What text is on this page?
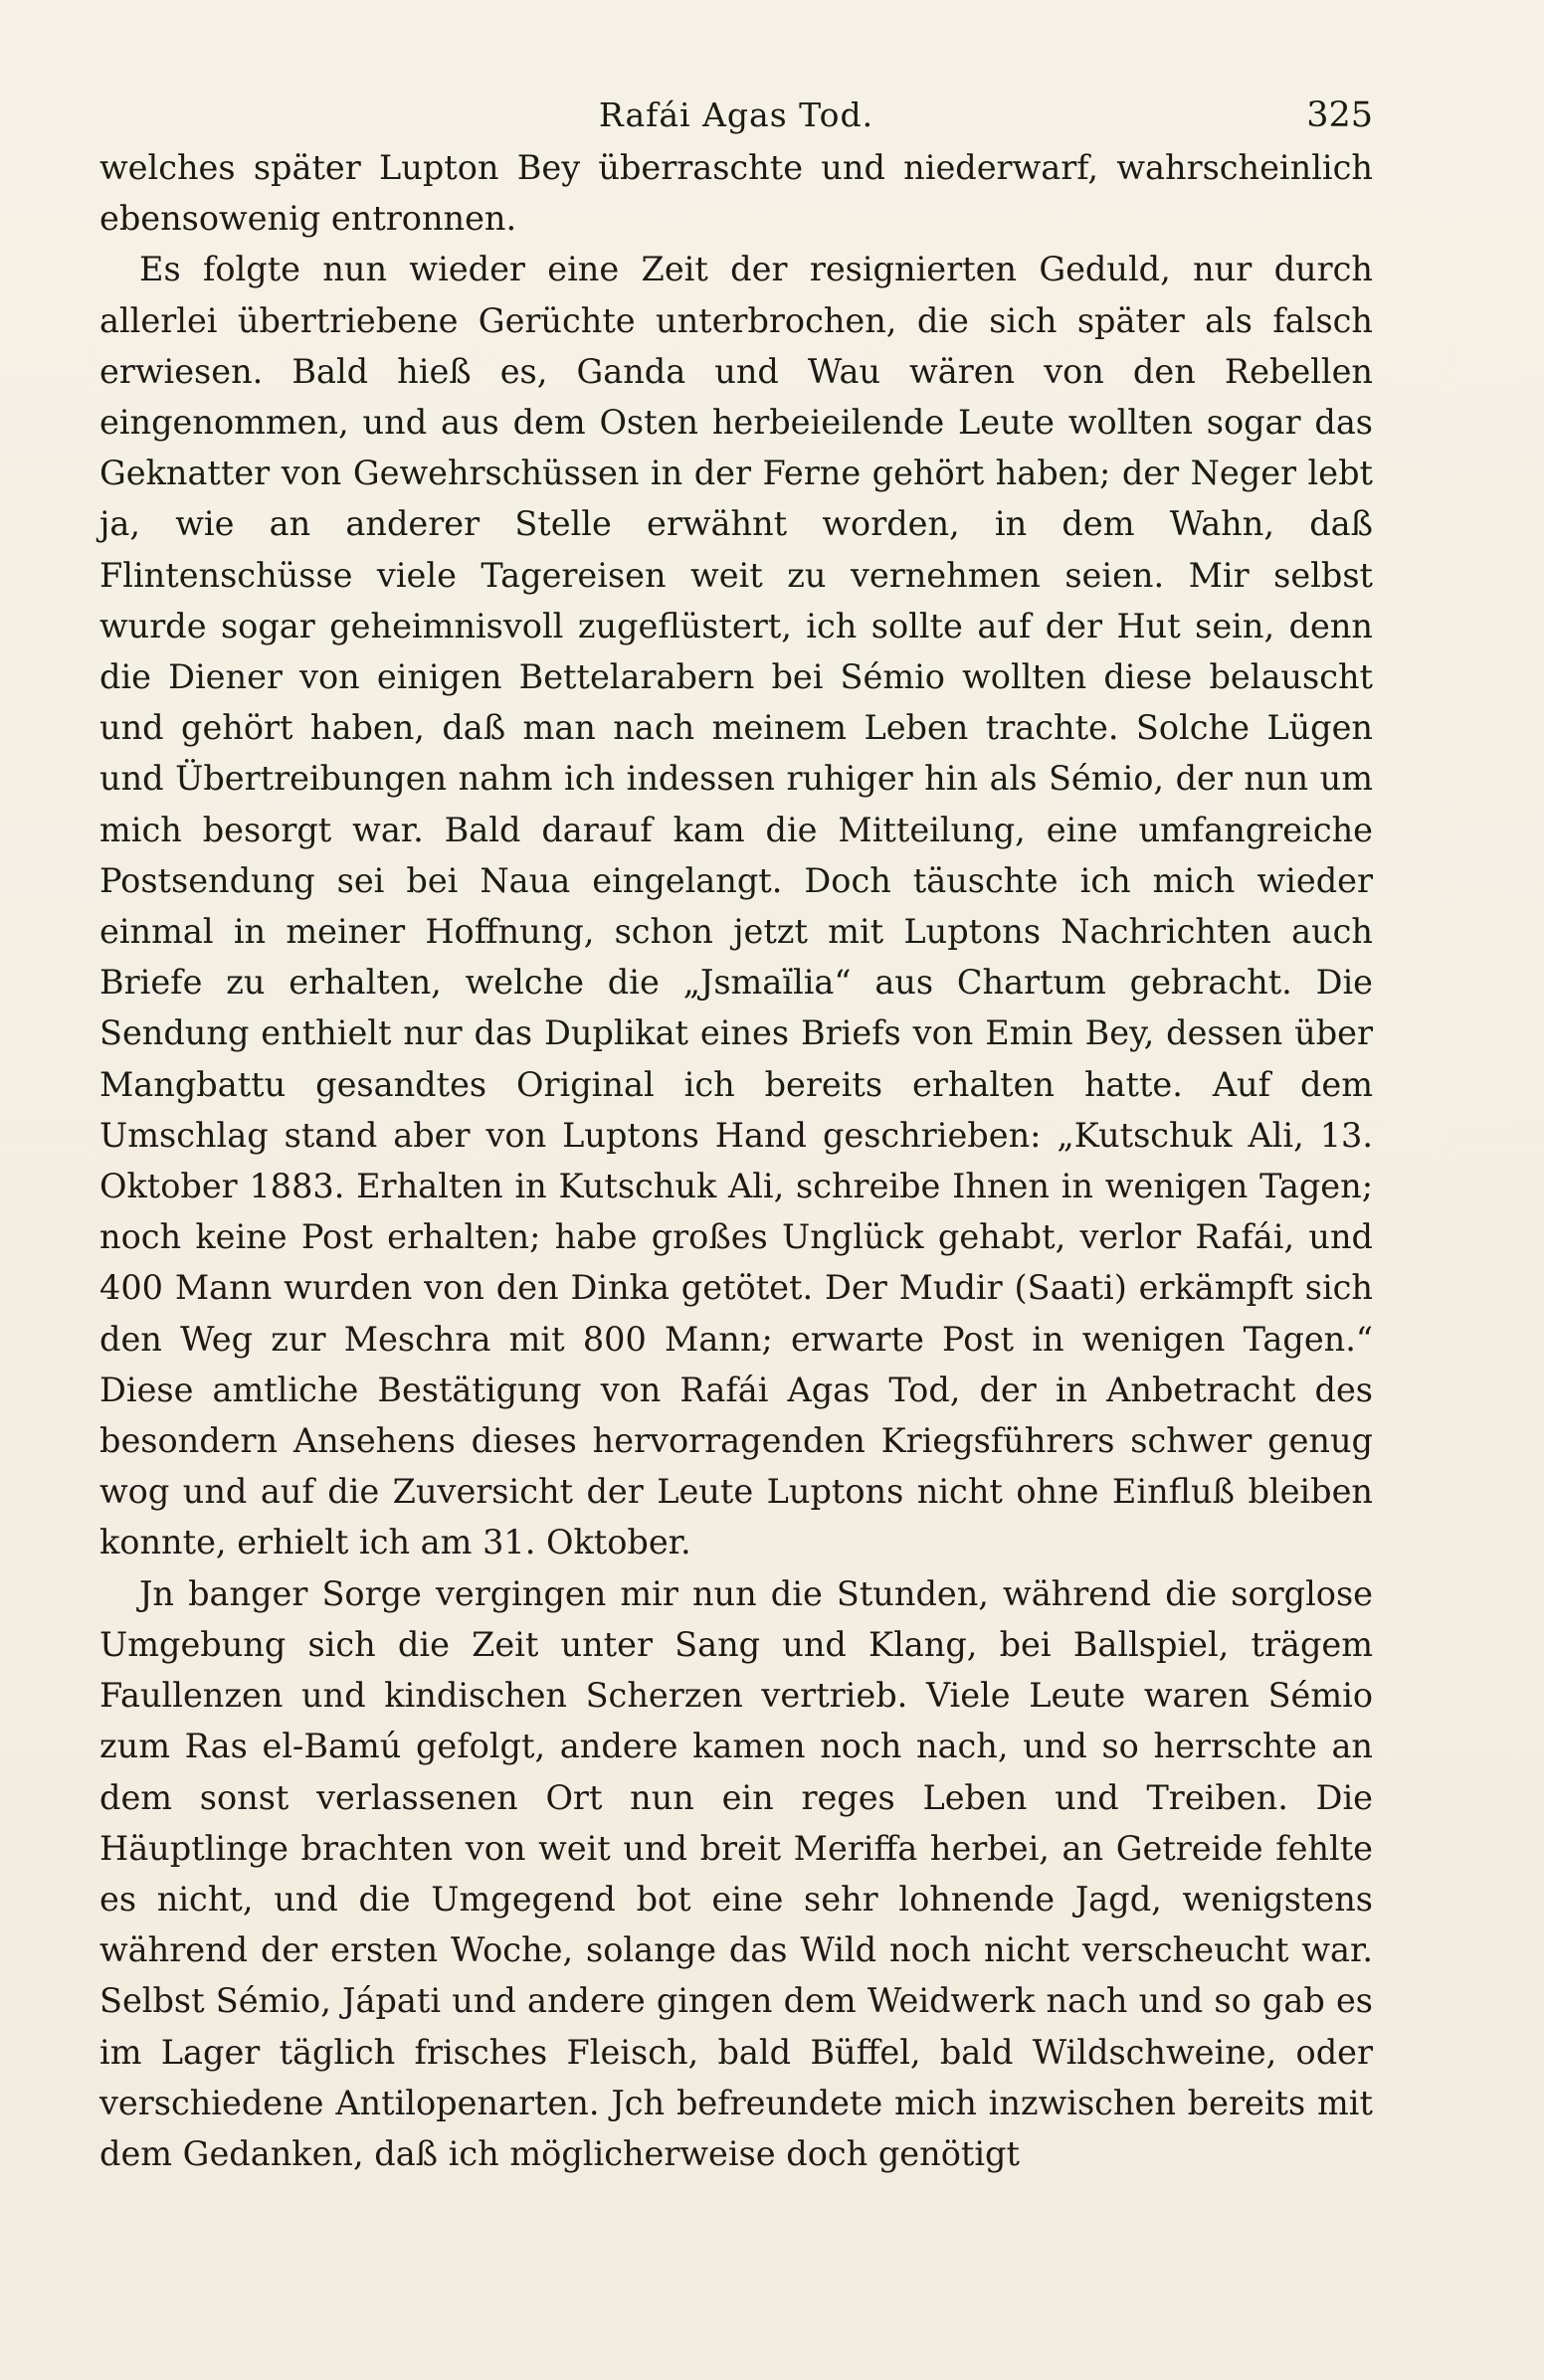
Rafái Agas Tod.	325

welches später Lupton Bey überraschte und niederwarf, wahrscheinlich ebensowenig entronnen.

Es folgte nun wieder eine Zeit der resignierten Geduld, nur durch allerlei übertriebene Gerüchte unterbrochen, die sich später als falsch erwiesen. Bald hieß es, Ganda und Wau wären von den Rebellen eingenommen, und aus dem Osten herbeieilende Leute wollten sogar das Geknatter von Gewehrschüssen in der Ferne gehört haben; der Neger lebt ja, wie an anderer Stelle erwähnt worden, in dem Wahn, daß Flintenschüsse viele Tagereisen weit zu vernehmen seien. Mir selbst wurde sogar geheimnisvoll zugeflüstert, ich sollte auf der Hut sein, denn die Diener von einigen Bettelarabern bei Sémio wollten diese belauscht und gehört haben, daß man nach meinem Leben trachte. Solche Lügen und Übertreibungen nahm ich indessen ruhiger hin als Sémio, der nun um mich besorgt war. Bald darauf kam die Mitteilung, eine umfangreiche Postsendung sei bei Naua eingelangt. Doch täuschte ich mich wieder einmal in meiner Hoffnung, schon jetzt mit Luptons Nachrichten auch Briefe zu erhalten, welche die „Jsmaïlia“ aus Chartum gebracht. Die Sendung enthielt nur das Duplikat eines Briefs von Emin Bey, dessen über Mangbattu gesandtes Original ich bereits erhalten hatte. Auf dem Umschlag stand aber von Luptons Hand geschrieben: „Kutschuk Ali, 13. Oktober 1883. Erhalten in Kutschuk Ali, schreibe Ihnen in wenigen Tagen; noch keine Post erhalten; habe großes Unglück gehabt, verlor Rafái, und 400 Mann wurden von den Dinka getötet. Der Mudir (Saati) erkämpft sich den Weg zur Meschra mit 800 Mann; erwarte Post in wenigen Tagen.“ Diese amtliche Bestätigung von Rafái Agas Tod, der in Anbetracht des besondern Ansehens dieses hervorragenden Kriegsführers schwer genug wog und auf die Zuversicht der Leute Luptons nicht ohne Einfluß bleiben konnte, erhielt ich am 31. Oktober.

Jn banger Sorge vergingen mir nun die Stunden, während die sorglose Umgebung sich die Zeit unter Sang und Klang, bei Ballspiel, trägem Faullenzen und kindischen Scherzen vertrieb. Viele Leute waren Sémio zum Ras el-Bamú gefolgt, andere kamen noch nach, und so herrschte an dem sonst verlassenen Ort nun ein reges Leben und Treiben. Die Häuptlinge brachten von weit und breit Meriffa herbei, an Getreide fehlte es nicht, und die Umgegend bot eine sehr lohnende Jagd, wenigstens während der ersten Woche, solange das Wild noch nicht verscheucht war. Selbst Sémio, Jápati und andere gingen dem Weidwerk nach und so gab es im Lager täglich frisches Fleisch, bald Büffel, bald Wildschweine, oder verschiedene Antilopenarten. Jch befreundete mich inzwischen bereits mit dem Gedanken, daß ich möglicherweise doch genötigt
